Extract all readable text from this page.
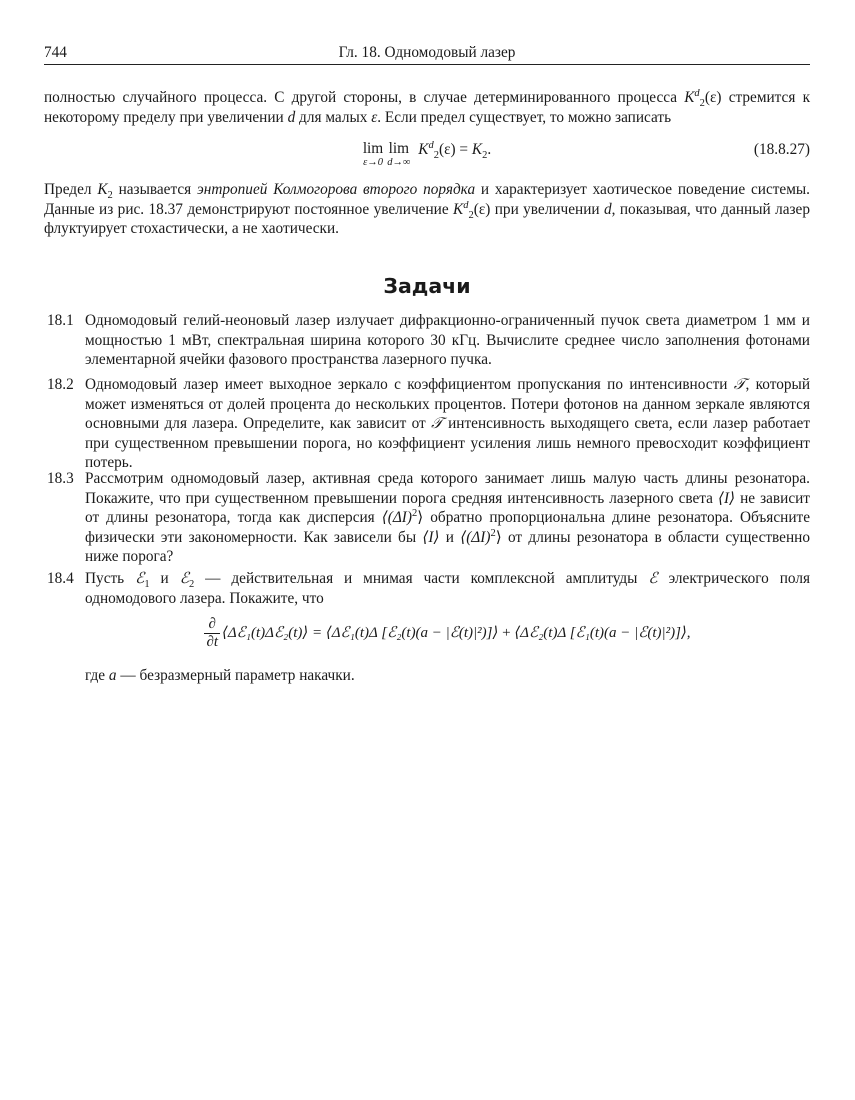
744	Гл. 18. Одномодовый лазер
полностью случайного процесса. С другой стороны, в случае детерминированного процесса $K^d_2(\varepsilon)$ стремится к некоторому пределу при увеличении d для малых ε. Если предел существует, то можно записать
lim
ε→0
lim
d→∞
$K^d_2(\varepsilon) = K_2$.	(18.8.27)
Предел $K_2$ называется энтропией Колмогорова второго порядка и характеризует хаотическое поведение системы. Данные из рис. 18.37 демонстрируют постоянное увеличение $K^d_2(\varepsilon)$ при увеличении d, показывая, что данный лазер флуктуирует стохастически, а не хаотически.
Задачи
18.1 Одномодовый гелий-неоновый лазер излучает дифракционно-ограниченный пучок света диаметром 1 мм и мощностью 1 мВт, спектральная ширина которого 30 кГц. Вычислите среднее число заполнения фотонами элементарной ячейки фазового пространства лазерного пучка.
18.2 Одномодовый лазер имеет выходное зеркало с коэффициентом пропускания по интенсивности 𝒯, который может изменяться от долей процента до нескольких процентов. Потери фотонов на данном зеркале являются основными для лазера. Определите, как зависит от 𝒯 интенсивность выходящего света, если лазер работает при существенном превышении порога, но коэффициент усиления лишь немного превосходит коэффициент потерь.
18.3 Рассмотрим одномодовый лазер, активная среда которого занимает лишь малую часть длины резонатора. Покажите, что при существенном превышении порога средняя интенсивность лазерного света ⟨I⟩ не зависит от длины резонатора, тогда как дисперсия $⟨(\Delta I)^2⟩$ обратно пропорциональна длине резонатора. Объясните физически эти закономерности. Как зависели бы ⟨I⟩ и $⟨(\Delta I)^2⟩$ от длины резонатора в области существенно ниже порога?
18.4 Пусть ℰ$_1$ и ℰ$_2$ — действительная и мнимая части комплексной амплитуды ℰ электрического поля одномодового лазера. Покажите, что
$\frac{\partial}{\partial t}$ ⟨Δℰ₁(t)Δℰ₂(t)⟩ = ⟨Δℰ₁(t)Δ [ℰ₂(t)(a − |ℰ(t)|²)]⟩ + ⟨Δℰ₂(t)Δ [ℰ₁(t)(a − |ℰ(t)|²)]⟩,
где a — безразмерный параметр накачки.
